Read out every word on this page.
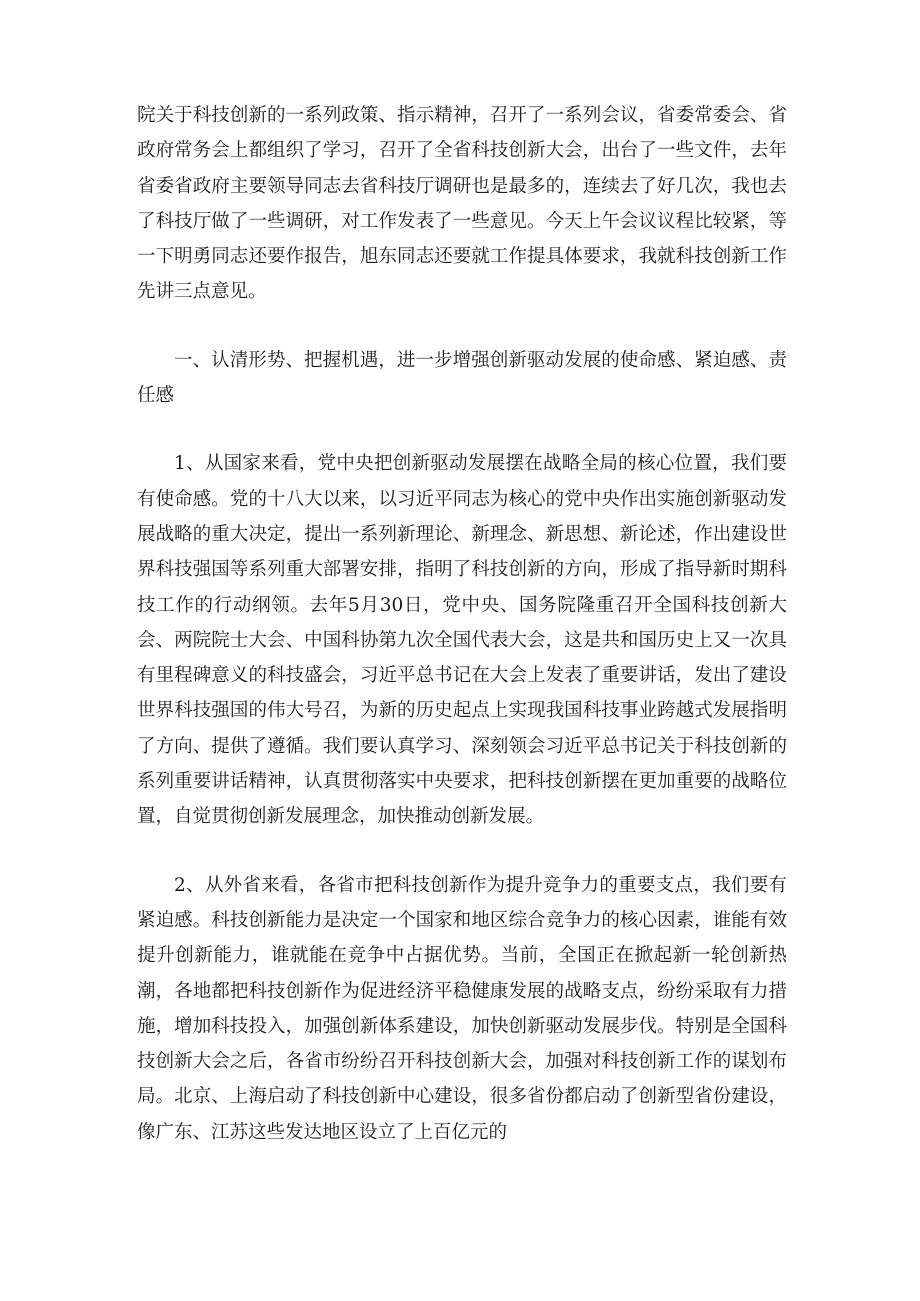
院关于科技创新的一系列政策、指示精神，召开了一系列会议，省委常委会、省政府常务会上都组织了学习，召开了全省科技创新大会，出台了一些文件，去年省委省政府主要领导同志去省科技厅调研也是最多的，连续去了好几次，我也去了科技厅做了一些调研，对工作发表了一些意见。今天上午会议议程比较紧，等一下明勇同志还要作报告，旭东同志还要就工作提具体要求，我就科技创新工作先讲三点意见。

一、认清形势、把握机遇，进一步增强创新驱动发展的使命感、紧迫感、责任感

1、从国家来看，党中央把创新驱动发展摆在战略全局的核心位置，我们要有使命感。党的十八大以来，以习近平同志为核心的党中央作出实施创新驱动发展战略的重大决定，提出一系列新理论、新理念、新思想、新论述，作出建设世界科技强国等系列重大部署安排，指明了科技创新的方向，形成了指导新时期科技工作的行动纲领。去年5月30日，党中央、国务院隆重召开全国科技创新大会、两院院士大会、中国科协第九次全国代表大会，这是共和国历史上又一次具有里程碑意义的科技盛会，习近平总书记在大会上发表了重要讲话，发出了建设世界科技强国的伟大号召，为新的历史起点上实现我国科技事业跨越式发展指明了方向、提供了遵循。我们要认真学习、深刻领会习近平总书记关于科技创新的系列重要讲话精神，认真贯彻落实中央要求，把科技创新摆在更加重要的战略位置，自觉贯彻创新发展理念，加快推动创新发展。

2、从外省来看，各省市把科技创新作为提升竞争力的重要支点，我们要有紧迫感。科技创新能力是决定一个国家和地区综合竞争力的核心因素，谁能有效提升创新能力，谁就能在竞争中占据优势。当前，全国正在掀起新一轮创新热潮，各地都把科技创新作为促进经济平稳健康发展的战略支点，纷纷采取有力措施，增加科技投入，加强创新体系建设，加快创新驱动发展步伐。特别是全国科技创新大会之后，各省市纷纷召开科技创新大会，加强对科技创新工作的谋划布局。北京、上海启动了科技创新中心建设，很多省份都启动了创新型省份建设，像广东、江苏这些发达地区设立了上百亿元的
